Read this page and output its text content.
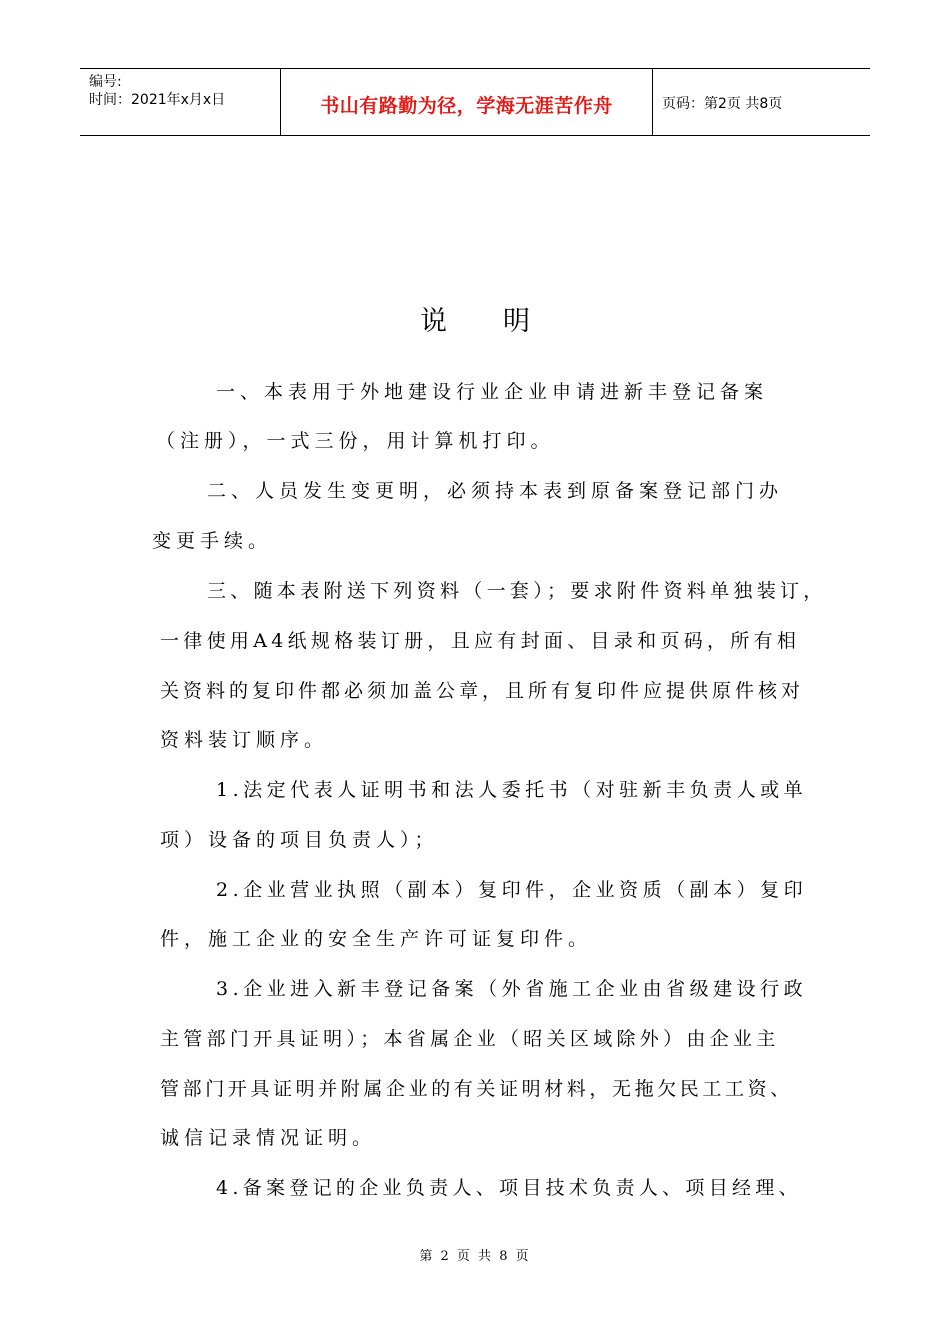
编号:
时间：2021年x月x日	书山有路勤为径，学海无涯苦作舟	页码：第2页 共8页
说 明
一、本表用于外地建设行业企业申请进新丰登记备案
（注册），一式三份，用计算机打印。
二、人员发生变更明，必须持本表到原备案登记部门办
变更手续。
三、随本表附送下列资料（一套）；要求附件资料单独装订，
一律使用A4纸规格装订册，且应有封面、目录和页码，所有相
关资料的复印件都必须加盖公章，且所有复印件应提供原件核对
资料装订顺序。
1.法定代表人证明书和法人委托书（对驻新丰负责人或单
项）设备的项目负责人）；
2.企业营业执照（副本）复印件，企业资质（副本）复印
件，施工企业的安全生产许可证复印件。
3.企业进入新丰登记备案（外省施工企业由省级建设行政
主管部门开具证明）；本省属企业（昭关区域除外）由企业主
管部门开具证明并附属企业的有关证明材料，无拖欠民工工资、
诚信记录情况证明。
4.备案登记的企业负责人、项目技术负责人、项目经理、
第 2 页 共 8 页
